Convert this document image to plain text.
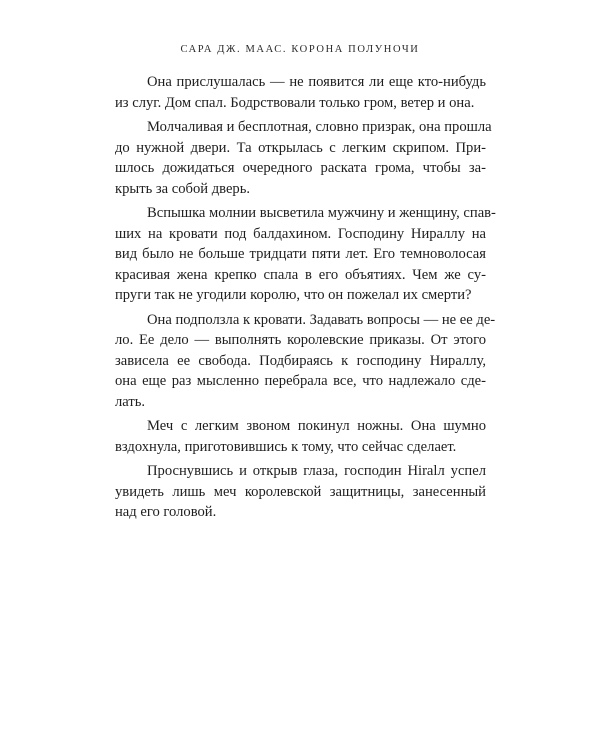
САРА ДЖ. МААС. КОРОНА ПОЛУНОЧИ
Она прислушалась — не появится ли еще кто-нибудь
из слуг. Дом спал. Бодрствовали только гром, ветер и она.
Молчаливая и бесплотная, словно призрак, она прошла
до нужной двери. Та открылась с легким скрипом. При-
шлось дожидаться очередного раската грома, чтобы за-
крыть за собой дверь.
Вспышка молнии высветила мужчину и женщину, спав-
ших на кровати под балдахином. Господину Нираллу на
вид было не больше тридцати пяти лет. Его темноволосая
красивая жена крепко спала в его объятиях. Чем же су-
пруги так не угодили королю, что он пожелал их смерти?
Она подползла к кровати. Задавать вопросы — не ее де-
ло. Ее дело — выполнять королевские приказы. От этого
зависела ее свобода. Подбираясь к господину Нираллу,
она еще раз мысленно перебрала все, что надлежало сде-
лать.
Меч с легким звоном покинул ножны. Она шумно
вздохнула, приготовившись к тому, что сейчас сделает.
Проснувшись и открыв глаза, господин Нiralл успел
увидеть лишь меч королевской защитницы, занесенный
над его головой.
